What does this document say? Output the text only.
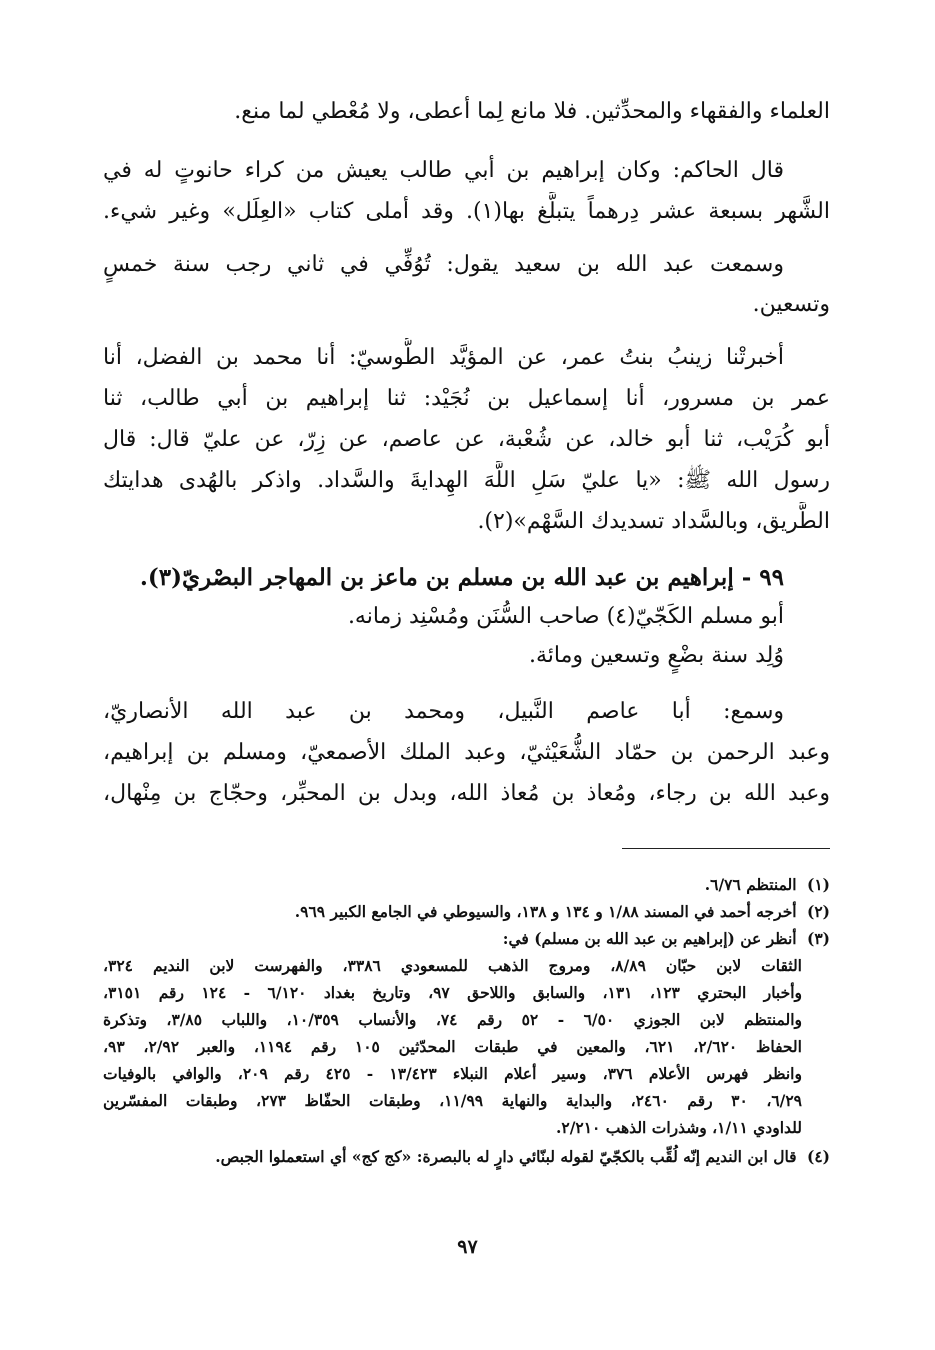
العلماء والفقهاء والمحدِّثين. فلا مانع لِما أعطى، ولا مُعْطي لما منع.
قال الحاكم: وكان إبراهيم بن أبي طالب يعيش من كراء حانوتٍ له في
الشَّهر بسبعة عشر دِرهماً يتبلَّغ بها(١). وقد أملى كتاب «العِلَل» وغير شيء.
وسمعت عبد الله بن سعيد يقول: تُوُفِّي في ثاني رجب سنة خمسٍ
وتسعين.
أخبرتْنا زينبُ بنتُ عمر، عن المؤيَّد الطُّوسيّ: أنا محمد بن الفضل، أنا
عمر بن مسرور، أنا إسماعيل بن نُجَيْد: ثنا إبراهيم بن أبي طالب، ثنا
أبو كُرَيْب، ثنا أبو خالد، عن شُعْبة، عن عاصم، عن زِرّ، عن عليّ قال: قال
رسول الله ﷺ: «يا عليّ سَلِ اللَّهَ الهِدايةَ والسَّداد. واذكر بالهُدى هدايتك
الطَّريق، وبالسَّداد تسديدك السَّهْم»(٢).
٩٩ - إبراهيم بن عبد الله بن مسلم بن ماعز بن المهاجر البصْريّ(٣).
أبو مسلم الكَجّيّ(٤) صاحب السُّنَن ومُسْنِد زمانه.
وُلِد سنة بضْعٍ وتسعين ومائة.
وسمع: أبا عاصم النَّبيل، ومحمد بن عبد الله الأنصاريّ،
وعبد الرحمن بن حمّاد الشُّعَيْثيّ، وعبد الملك الأصمعيّ، ومسلم بن إبراهيم،
وعبد الله بن رجاء، ومُعاذ بن مُعاذ الله، وبدل بن المحبِّر، وحجّاج بن مِنْهال،
(١) المنتظم ٦/٧٦.
(٢) أخرجه أحمد في المسند ١/٨٨ و ١٣٤ و ١٣٨، والسيوطي في الجامع الكبير ٩٦٩.
(٣) أنظر عن (إبراهيم بن عبد الله بن مسلم) في:
الثقات لابن حبّان ٨/٨٩، ومروج الذهب للمسعودي ٣٣٨٦، والفهرست لابن النديم ٣٢٤،
وأخبار البحتري ١٢٣، ١٣١، والسابق واللاحق ٩٧، وتاريخ بغداد ٦/١٢٠ - ١٢٤ رقم ٣١٥١،
والمنتظم لابن الجوزي ٦/٥٠ - ٥٢ رقم ٧٤، والأنساب ١٠/٣٥٩، واللباب ٣/٨٥، وتذكرة
الحفاظ ٢/٦٢٠، ٦٢١، والمعين في طبقات المحدّثين ١٠٥ رقم ١١٩٤، والعبر ٢/٩٢، ٩٣،
وانظر فهرس الأعلام ٣٧٦، وسير أعلام النبلاء ١٣/٤٢٣ - ٤٢٥ رقم ٢٠٩، والوافي بالوفيات
٦/٢٩، ٣٠ رقم ٢٤٦٠، والبداية والنهاية ١١/٩٩، وطبقات الحفّاظ ٢٧٣، وطبقات المفسّرين
للداودي ١/١١، وشذرات الذهب ٢/٢١٠.
(٤) قال ابن النديم إنّه لُقِّب بالكجّيّ لقوله لبنّائي دارٍ له بالبصرة: «كج كج» أي استعملوا الجبص.
٩٧
